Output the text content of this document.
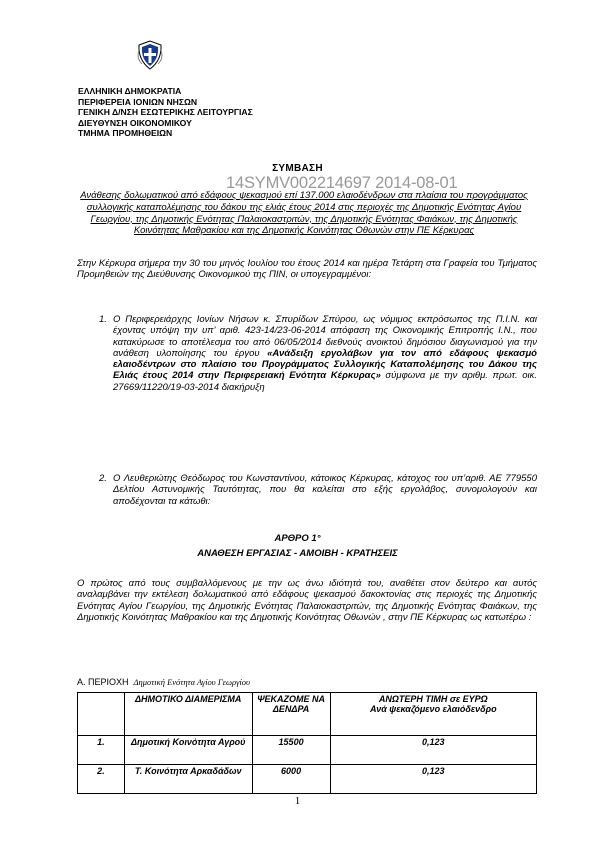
ΕΛΛΗΝΙΚΗ ΔΗΜΟΚΡΑΤΙΑ
ΠΕΡΙΦΕΡΕΙΑ ΙΟΝΙΩΝ ΝΗΣΩΝ
ΓΕΝΙΚΗ Δ/ΝΣΗ ΕΣΩΤΕΡΙΚΗΣ ΛΕΙΤΟΥΡΓΙΑΣ
ΔΙΕΥΘΥΝΣΗ ΟΙΚΟΝΟΜΙΚΟΥ
ΤΜΗΜΑ ΠΡΟΜΗΘΕΙΩΝ
ΣΥΜΒΑΣΗ
14SYMV002214697 2014-08-01
Ανάθεσης δολωματικού από εδάφους ψεκασμού επί 137.000 ελαιοδένδρων στα πλαίσια του προγράμματος συλλογικής καταπολέμησης του δάκου της ελιάς έτους 2014 στις περιοχές της Δημοτικής Ενότητας Αγίου Γεωργίου, της Δημοτικής Ενότητας Παλαιοκαστριτών, της Δημοτικής Ενότητας Φαιάκων, της Δημοτικής Κοινότητας Μαθρακίου και της Δημοτικής Κοινότητας Οθωνών στην ΠΕ Κέρκυρας
Στην Κέρκυρα σήμερα την 30 του μηνός Ιουλίου του έτους 2014 και ημέρα Τετάρτη στα Γραφεία του Τμήματος Προμηθειών της Διεύθυνσης Οικονομικού της ΠΙΝ, οι υπογεγραμμένοι:
1. Ο Περιφερειάρχης Ιονίων Νήσων κ. Σπυρίδων Σπύρου, ως νόμιμος εκπρόσωπος της Π.Ι.Ν. και έχοντας υπόψη την υπ’ αριθ. 423-14/23-06-2014 απόφαση της Οικονομικής Επιτροπής Ι.Ν., που κατακύρωσε το αποτέλεσμα του από 06/05/2014 διεθνούς ανοικτού δημόσιου διαγωνισμού για την ανάθεση υλοποίησης του έργου «Ανάδειξη εργολάβων για τον από εδάφους ψεκασμό ελαιοδέντρων στο πλαίσιο του Προγράμματος Συλλογικής Καταπολέμησης του Δάκου της Ελιάς έτους 2014 στην Περιφερειακή Ενότητα Κέρκυρας» σύμφωνα με την αριθμ. πρωτ. οικ. 27669/11220/19-03-2014 διακήρυξη
2. Ο Λευθεριώτης Θεόδωρος του Κωνσταντίνου, κάτοικος Κέρκυρας, κάτοχος του υπ’αριθ. ΑΕ 779550 Δελτίου Αστυνομικής Ταυτότητας, που θα καλείται στο εξής εργολάβος, συνομολογούν και αποδέχονται τα κάτωθι:
ΑΡΘΡΟ 1°
ΑΝΑΘΕΣΗ ΕΡΓΑΣΙΑΣ - ΑΜΟΙΒΗ - ΚΡΑΤΗΣΕΙΣ
Ο πρώτος από τους συμβαλλόμενους με την ως άνω ιδιότητά του, αναθέτει στον δεύτερο και αυτός αναλαμβάνει την εκτέλεση δολωματικού από εδάφους ψεκασμού δακοκτονίας στις περιοχές της Δημοτικής Ενότητας Αγίου Γεωργίου, της Δημοτικής Ενότητας Παλαιοκαστριτών, της Δημοτικής Ενότητας Φαιάκων, της Δημοτικής Κοινότητας Μαθρακίου και της Δημοτικής Κοινότητας Οθωνών , στην ΠΕ Κέρκυρας ως κατωτέρω :
Α. ΠΕΡΙΟΧΗ Δημοτική Ενότητα Αγίου Γεωργίου
	ΔΗΜΟΤΙΚΟ ΔΙΑΜΕΡΙΣΜΑ	ΨΕΚΑΖΟΜΕ ΝΑ ΔΕΝΔΡΑ	ΑΝΩΤΕΡΗ ΤΙΜΗ σε ΕΥΡΩ
Ανά ψεκαζόμενο ελαιόδενδρο
1.	Δημοτική Κοινότητα Αγρού	15500	0,123
2.	Τ. Κοινότητα Αρκαδάδων	6000	0,123
1
